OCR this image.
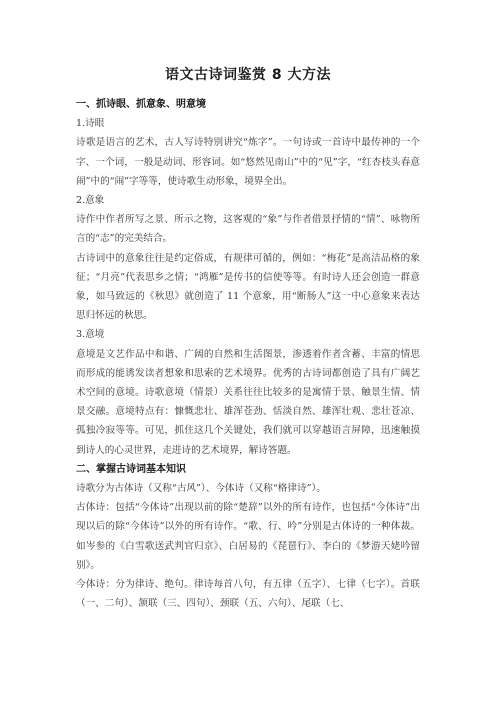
语文古诗词鉴赏 8 大方法
一、抓诗眼、抓意象、明意境
1.诗眼
诗歌是语言的艺术，古人写诗特别讲究“炼字”。一句诗或一首诗中最传神的一个字、一个词，一般是动词、形容词。如“悠然见南山”中的“见”字，“红杏枝头春意闹”中的“闹”字等等，使诗歌生动形象，境界全出。
2.意象
诗作中作者所写之景、所示之物，这客观的“象”与作者借景抒情的“情”、咏物所言的“志”的完美结合。
古诗词中的意象往往是约定俗成，有规律可循的，例如：“梅花”是高洁品格的象征；“月亮”代表思乡之情；“鸿雁”是传书的信使等等。有时诗人还会创造一群意象，如马致远的《秋思》就创造了 11 个意象，用“断肠人”这一中心意象来表达思归怀远的秋思。
3.意境
意境是文艺作品中和谐、广阔的自然和生活图景，渗透着作者含蓄、丰富的情思而形成的能诱发读者想象和思索的艺术境界。优秀的古诗词都创造了具有广阔艺术空间的意境。诗歌意境（情景）关系往往比较多的是寓情于景、触景生情、情景交融。意境特点有：慷慨悲壮、雄浑苍劲、恬淡自然、雄浑壮观、悲壮苍凉、孤独冷寂等等。可见，抓住这几个关键处，我们就可以穿越语言屏障，迅速触摸到诗人的心灵世界，走进诗的艺术境界，解诗答题。
二、掌握古诗词基本知识
诗歌分为古体诗（又称“古风”）、今体诗（又称“格律诗”）。
古体诗：包括“今体诗”出现以前的除“楚辞”以外的所有诗作，也包括“今体诗”出现以后的除“今体诗”以外的所有诗作。“歌、行、吟”分别是古体诗的一种体裁。如岑参的《白雪歌送武判官归京》、白居易的《琵琶行》、李白的《梦游天姥吟留别》。
今体诗：分为律诗、绝句。律诗每首八句，有五律（五字）、七律（七字）。首联（一、二句）、颔联（三、四句）、颈联（五、六句）、尾联（七、
